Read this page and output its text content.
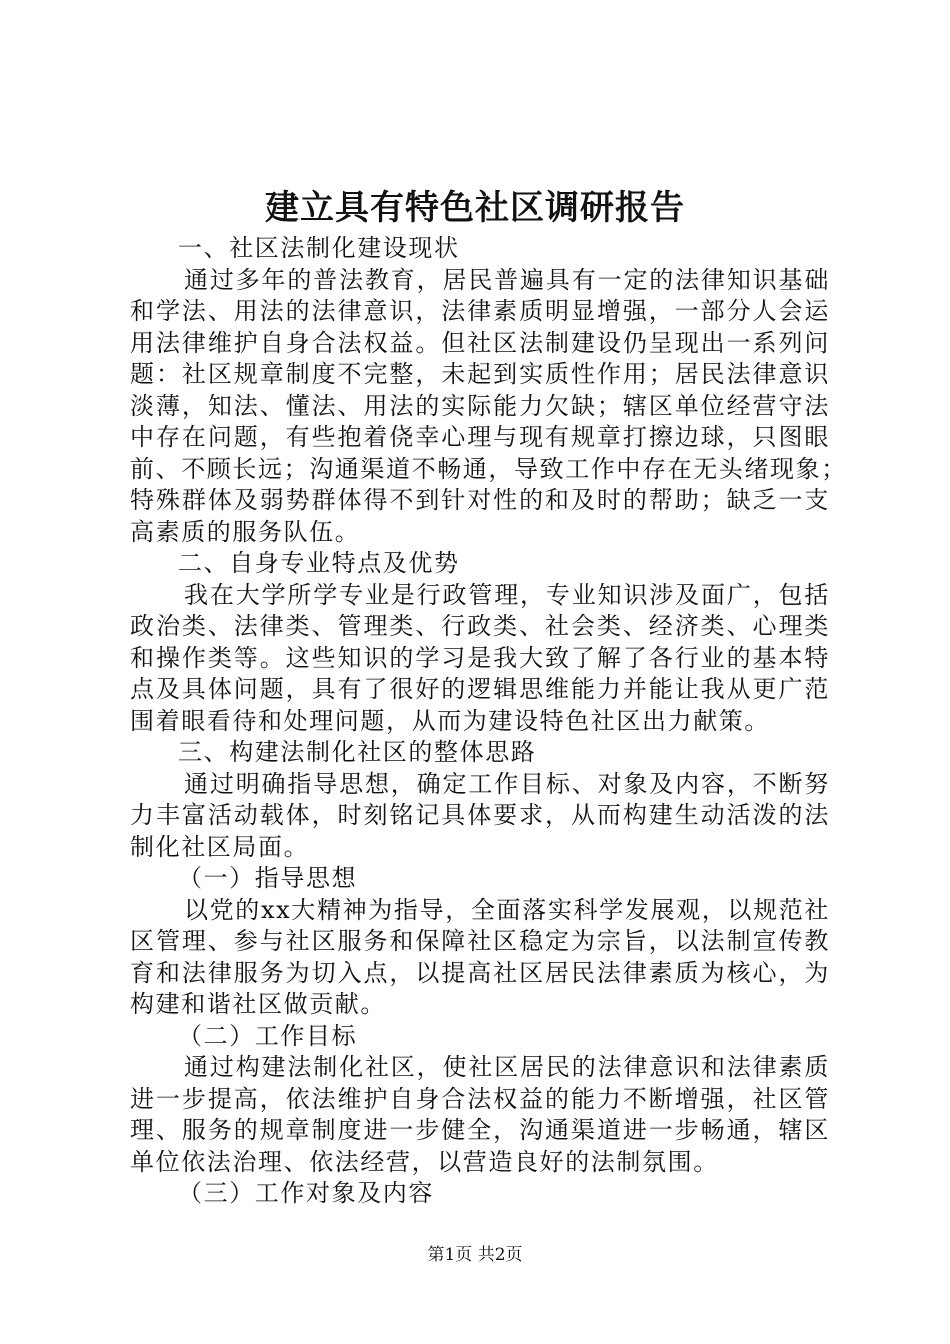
建立具有特色社区调研报告
一、社区法制化建设现状
通过多年的普法教育，居民普遍具有一定的法律知识基础
和学法、用法的法律意识，法律素质明显增强，一部分人会运
用法律维护自身合法权益。但社区法制建设仍呈现出一系列问
题：社区规章制度不完整，未起到实质性作用；居民法律意识
淡薄，知法、懂法、用法的实际能力欠缺；辖区单位经营守法
中存在问题，有些抱着侥幸心理与现有规章打擦边球，只图眼
前、不顾长远；沟通渠道不畅通，导致工作中存在无头绪现象；
特殊群体及弱势群体得不到针对性的和及时的帮助；缺乏一支
高素质的服务队伍。
二、自身专业特点及优势
我在大学所学专业是行政管理，专业知识涉及面广，包括
政治类、法律类、管理类、行政类、社会类、经济类、心理类
和操作类等。这些知识的学习是我大致了解了各行业的基本特
点及具体问题，具有了很好的逻辑思维能力并能让我从更广范
围着眼看待和处理问题，从而为建设特色社区出力献策。
三、构建法制化社区的整体思路
通过明确指导思想，确定工作目标、对象及内容，不断努
力丰富活动载体，时刻铭记具体要求，从而构建生动活泼的法
制化社区局面。
（一）指导思想
以党的xx大精神为指导，全面落实科学发展观，以规范社
区管理、参与社区服务和保障社区稳定为宗旨，以法制宣传教
育和法律服务为切入点，以提高社区居民法律素质为核心，为
构建和谐社区做贡献。
（二）工作目标
通过构建法制化社区，使社区居民的法律意识和法律素质
进一步提高，依法维护自身合法权益的能力不断增强，社区管
理、服务的规章制度进一步健全，沟通渠道进一步畅通，辖区
单位依法治理、依法经营，以营造良好的法制氛围。
（三）工作对象及内容
第1页 共2页
